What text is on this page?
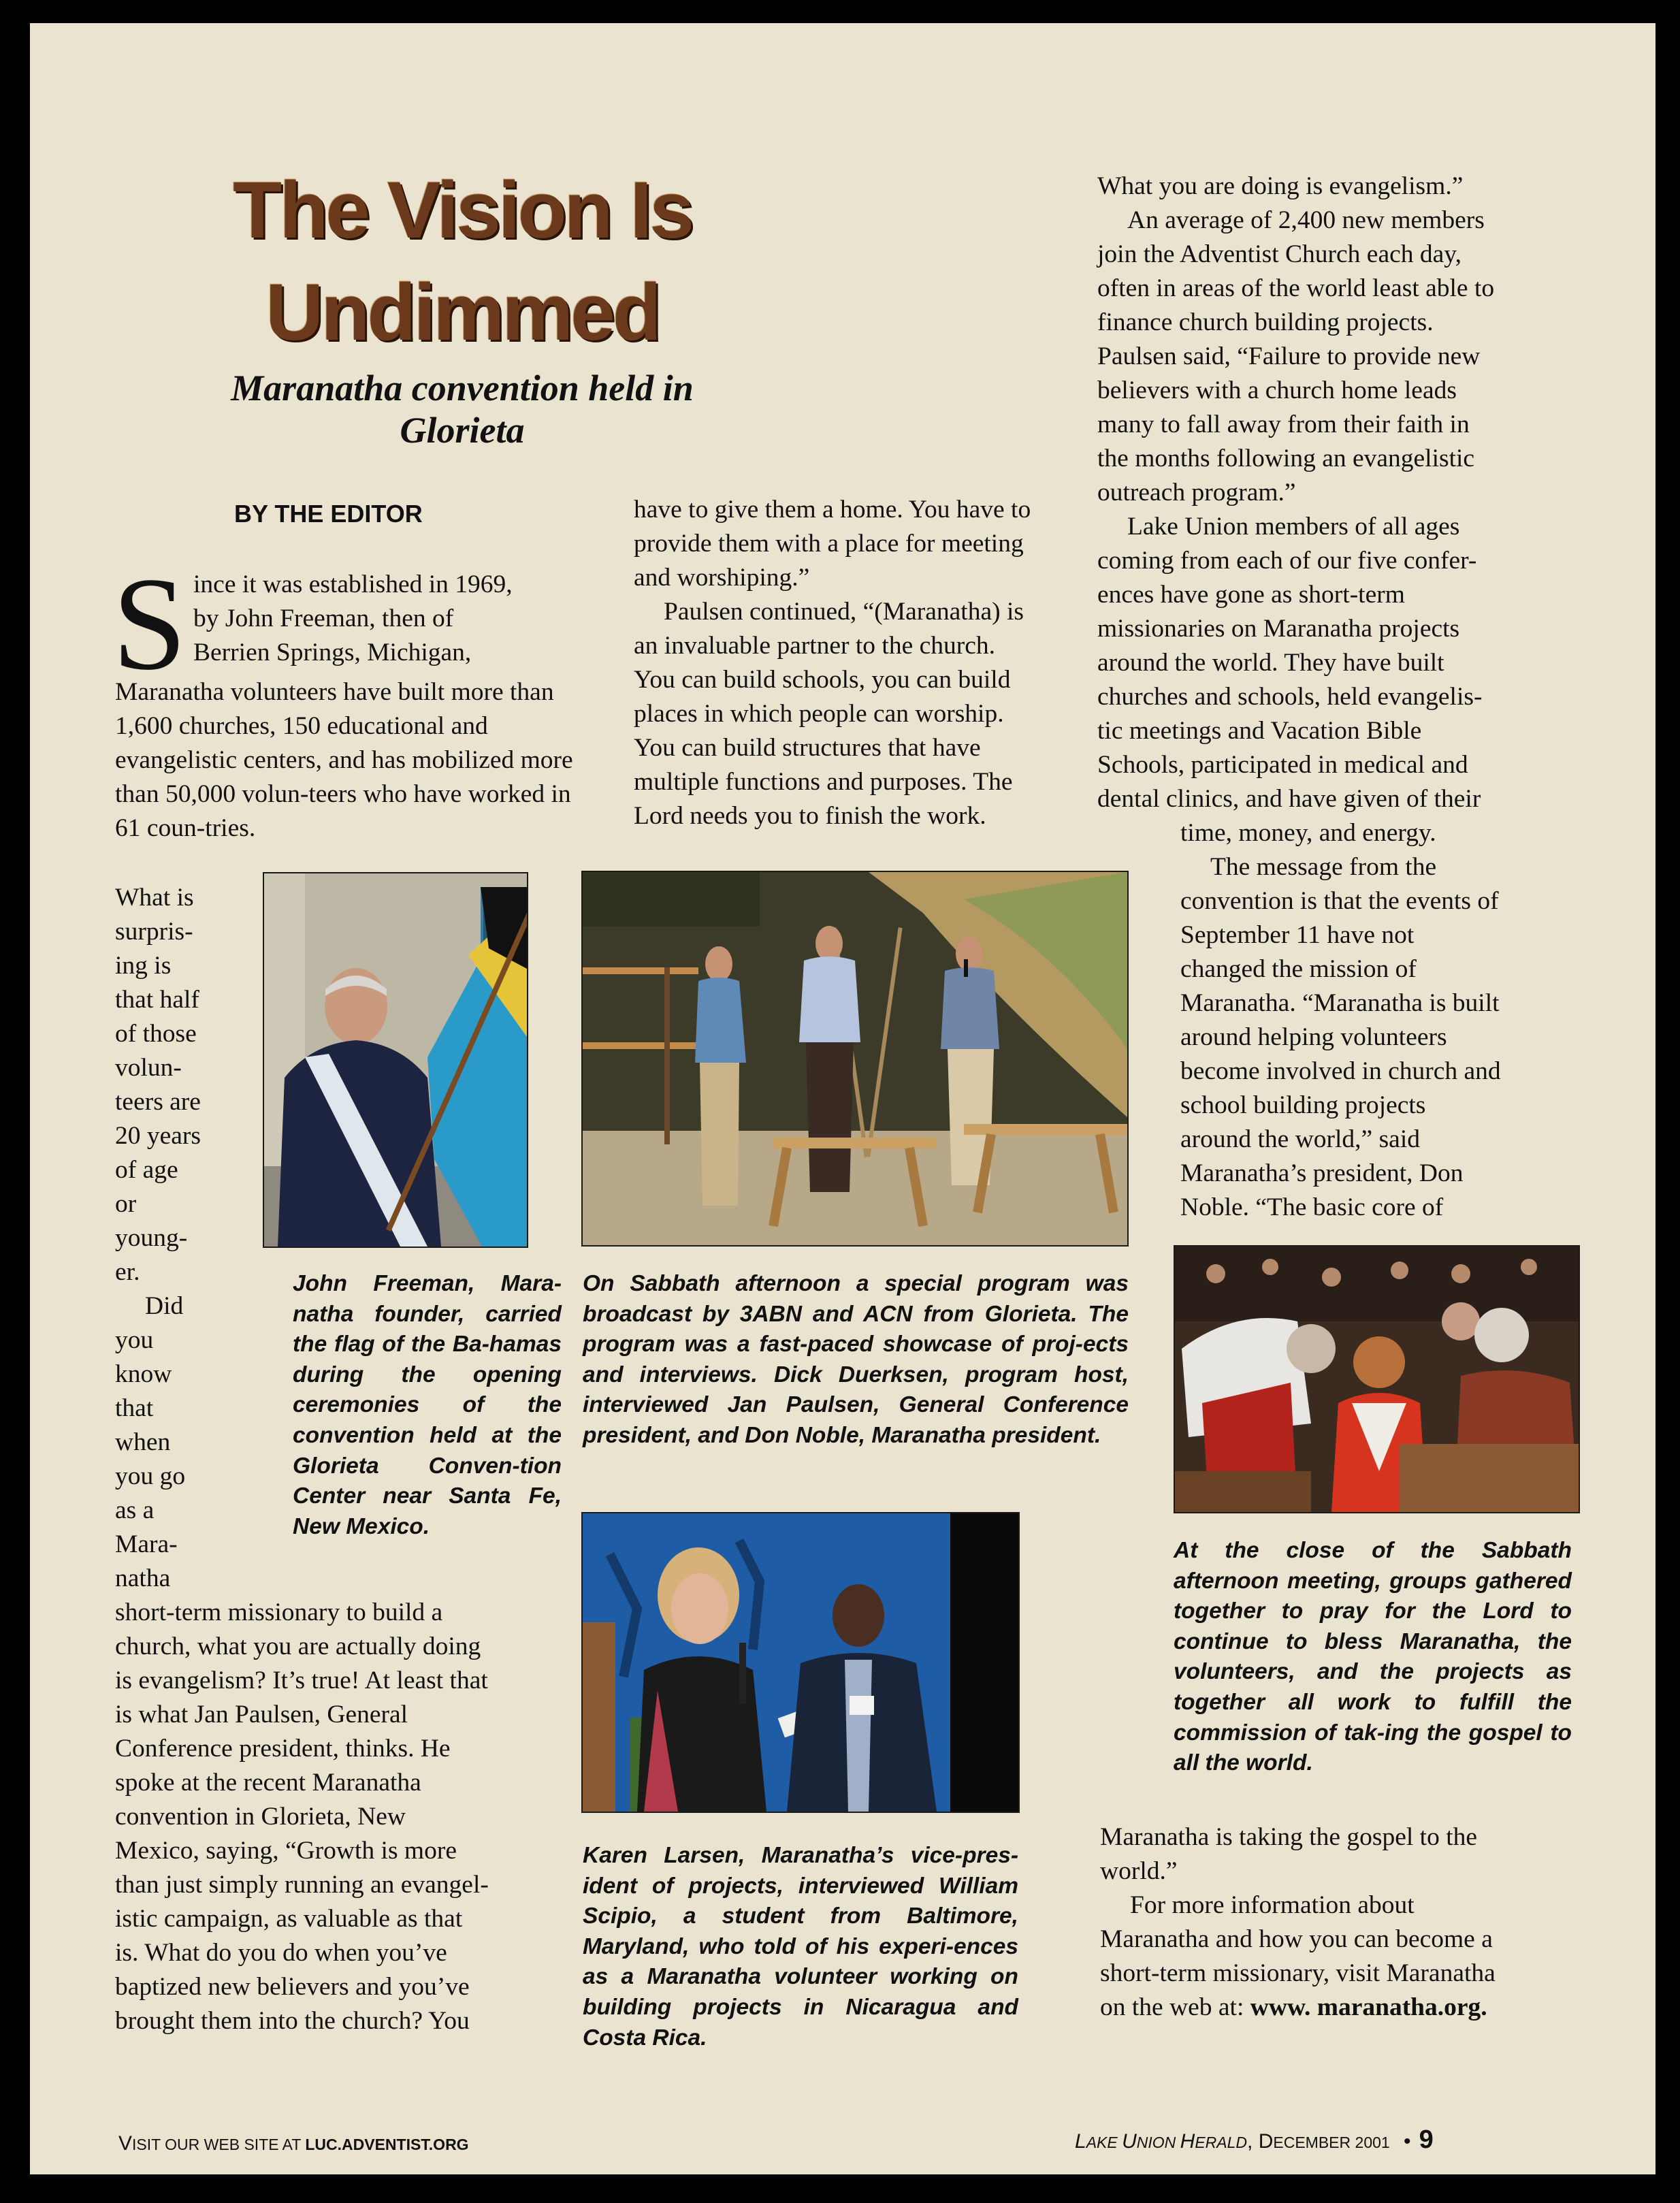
The Vision Is
Undimmed
Maranatha convention held in Glorieta
BY THE EDITOR
S ince it was established in 1969,
by John Freeman, then of
Berrien Springs, Michigan,
Maranatha volunteers have built more than 1,600 churches, 150 educational and evangelistic centers, and has mobilized more than 50,000 volun-teers who have worked in 61 coun-tries.
What is
surpris-
ing is
that half
of those
volun-
teers are
20 years
of age
or
young-
er.
Did
you
know
that
when
you go
as a
Mara-
natha
short-term missionary to build a
church, what you are actually doing
is evangelism? It’s true! At least that
is what Jan Paulsen, General
Conference president, thinks. He
spoke at the recent Maranatha
convention in Glorieta, New
Mexico, saying, “Growth is more
than just simply running an evangel-
istic campaign, as valuable as that
is. What do you do when you’ve
baptized new believers and you’ve
brought them into the church? You
John Freeman, Mara-natha founder, carried the flag of the Ba-hamas during the opening ceremonies of the convention held at the Glorieta Conven-tion Center near Santa Fe, New Mexico.
have to give them a home. You have to
provide them with a place for meeting
and worshiping.”
Paulsen continued, “(Maranatha) is
an invaluable partner to the church.
You can build schools, you can build
places in which people can worship.
You can build structures that have
multiple functions and purposes. The
Lord needs you to finish the work.
On Sabbath afternoon a special program was broadcast by 3ABN and ACN from Glorieta. The program was a fast-paced showcase of proj-ects and interviews. Dick Duerksen, program host, interviewed Jan Paulsen, General Conference president, and Don Noble, Maranatha president.
Karen Larsen, Maranatha’s vice-pres-ident of projects, interviewed William Scipio, a student from Baltimore, Maryland, who told of his experi-ences as a Maranatha volunteer working on building projects in Nicaragua and Costa Rica.
What you are doing is evangelism.”
An average of 2,400 new members
join the Adventist Church each day,
often in areas of the world least able to
finance church building projects.
Paulsen said, “Failure to provide new
believers with a church home leads
many to fall away from their faith in
the months following an evangelistic
outreach program.”
Lake Union members of all ages
coming from each of our five confer-
ences have gone as short-term
missionaries on Maranatha projects
around the world. They have built
churches and schools, held evangelis-
tic meetings and Vacation Bible
Schools, participated in medical and
dental clinics, and have given of their
time, money, and energy.
The message from the
convention is that the events of
September 11 have not
changed the mission of
Maranatha. “Maranatha is built
around helping volunteers
become involved in church and
school building projects
around the world,” said
Maranatha’s president, Don
Noble. “The basic core of
At the close of the Sabbath afternoon meeting, groups gathered together to pray for the Lord to continue to bless Maranatha, the volunteers, and the projects as together all work to fulfill the commission of tak-ing the gospel to all the world.
Maranatha is taking the gospel to the
world.”
For more information about
Maranatha and how you can become a
short-term missionary, visit Maranatha
on the web at: www. maranatha.org.
VISIT OUR WEB SITE AT LUC.ADVENTIST.ORG	LAKE UNION HERALD, DECEMBER 2001 • 9
